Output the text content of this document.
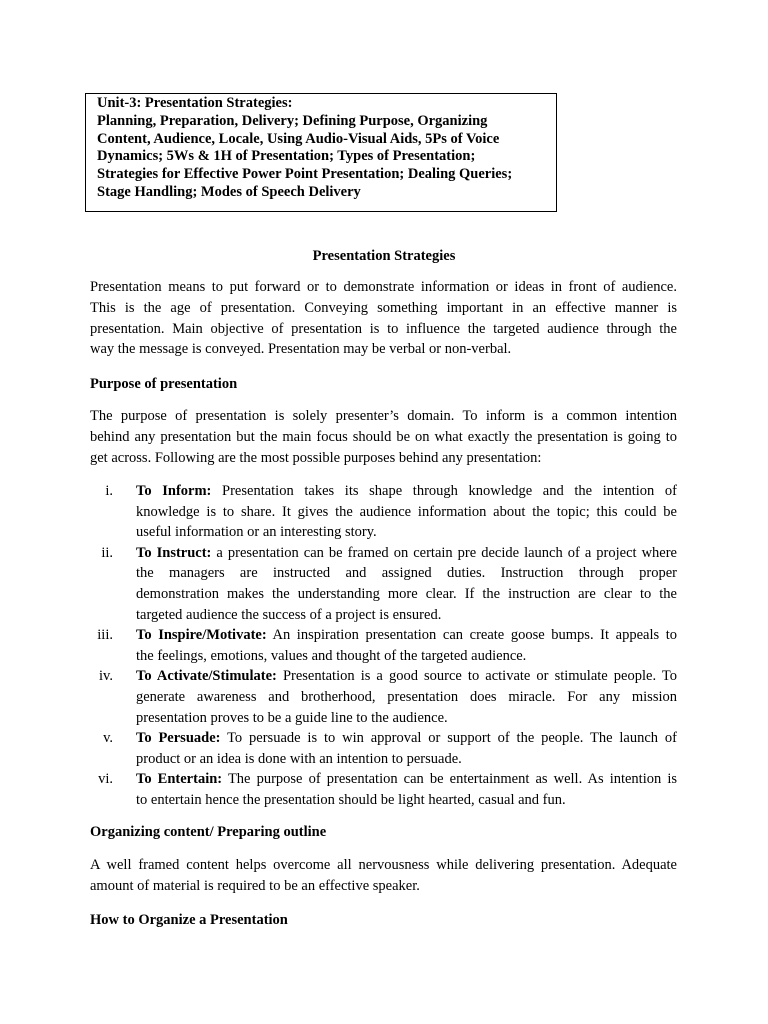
Unit-3: Presentation Strategies:
Planning, Preparation, Delivery; Defining Purpose, Organizing
Content, Audience, Locale, Using Audio-Visual Aids, 5Ps of Voice
Dynamics; 5Ws & 1H of Presentation; Types of Presentation;
Strategies for Effective Power Point Presentation; Dealing Queries;
Stage Handling; Modes of Speech Delivery
Presentation Strategies
Presentation means to put forward or to demonstrate information or ideas in front of audience.
This is the age of presentation. Conveying something important in an effective manner is
presentation. Main objective of presentation is to influence the targeted audience through the
way the message is conveyed. Presentation may be verbal or non-verbal.
Purpose of presentation
The purpose of presentation is solely presenter’s domain. To inform is a common intention
behind any presentation but the main focus should be on what exactly the presentation is going to
get across. Following are the most possible purposes behind any presentation:
i. To Inform: Presentation takes its shape through knowledge and the intention of
knowledge is to share. It gives the audience information about the topic; this could be
useful information or an interesting story.
ii. To Instruct: a presentation can be framed on certain pre decide launch of a project where
the managers are instructed and assigned duties. Instruction through proper
demonstration makes the understanding more clear. If the instruction are clear to the
targeted audience the success of a project is ensured.
iii. To Inspire/Motivate: An inspiration presentation can create goose bumps. It appeals to
the feelings, emotions, values and thought of the targeted audience.
iv. To Activate/Stimulate: Presentation is a good source to activate or stimulate people. To
generate awareness and brotherhood, presentation does miracle. For any mission
presentation proves to be a guide line to the audience.
v. To Persuade: To persuade is to win approval or support of the people. The launch of
product or an idea is done with an intention to persuade.
vi. To Entertain: The purpose of presentation can be entertainment as well. As intention is
to entertain hence the presentation should be light hearted, casual and fun.
Organizing content/ Preparing outline
A well framed content helps overcome all nervousness while delivering presentation. Adequate
amount of material is required to be an effective speaker.
How to Organize a Presentation
